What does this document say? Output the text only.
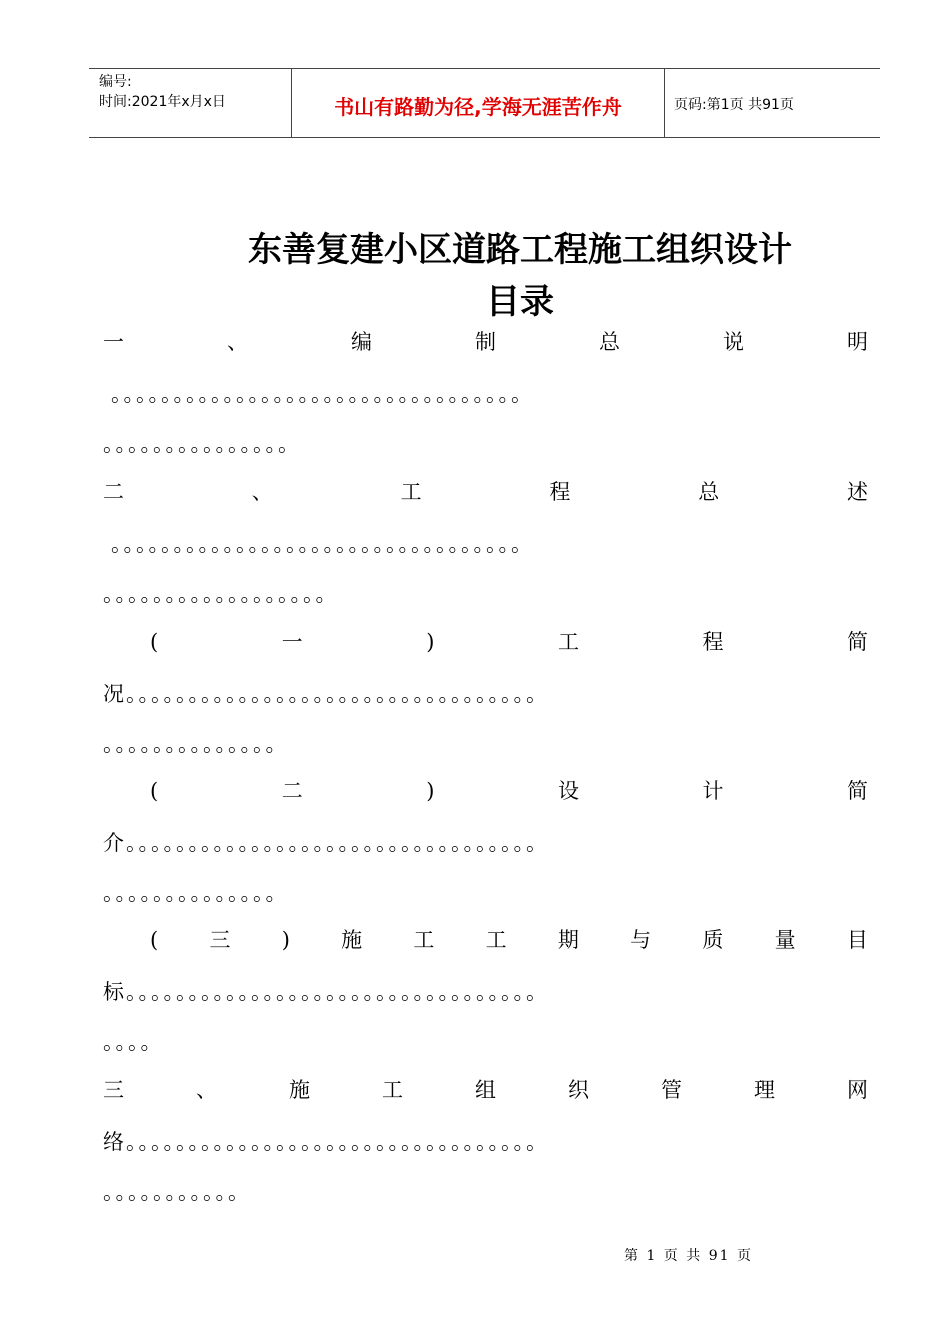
编号:
时间:2021年x月x日	书山有路勤为径,学海无涯苦作舟	页码:第1页 共91页
东善复建小区道路工程施工组织设计
目录
一	、	编	制	总	说	明
。。。。。。。。。。。。。。。。。。。。。。。。。。。。。。。。。
。。。。。。。。。。。。。。。
二	、	工	程	总	述
。。。。。。。。。。。。。。。。。。。。。。。。。。。。。。。。。
。。。。。。。。。。。。。。。。。。
(	一	)	工	程	简
况。。。。。。。。。。。。。。。。。。。。。。。。。。。。。。。。。
。。。。。。。。。。。。。。
(	二	)	设	计	简
介。。。。。。。。。。。。。。。。。。。。。。。。。。。。。。。。。
。。。。。。。。。。。。。。
( 三 ) 施 工 工 期 与 质 量 目
标。。。。。。。。。。。。。。。。。。。。。。。。。。。。。。。。。
。。。。
三	、	施	工	组	织	管	理	网
络。。。。。。。。。。。。。。。。。。。。。。。。。。。。。。。。。
。。。。。。。。。。。
第 1 页 共 91 页
